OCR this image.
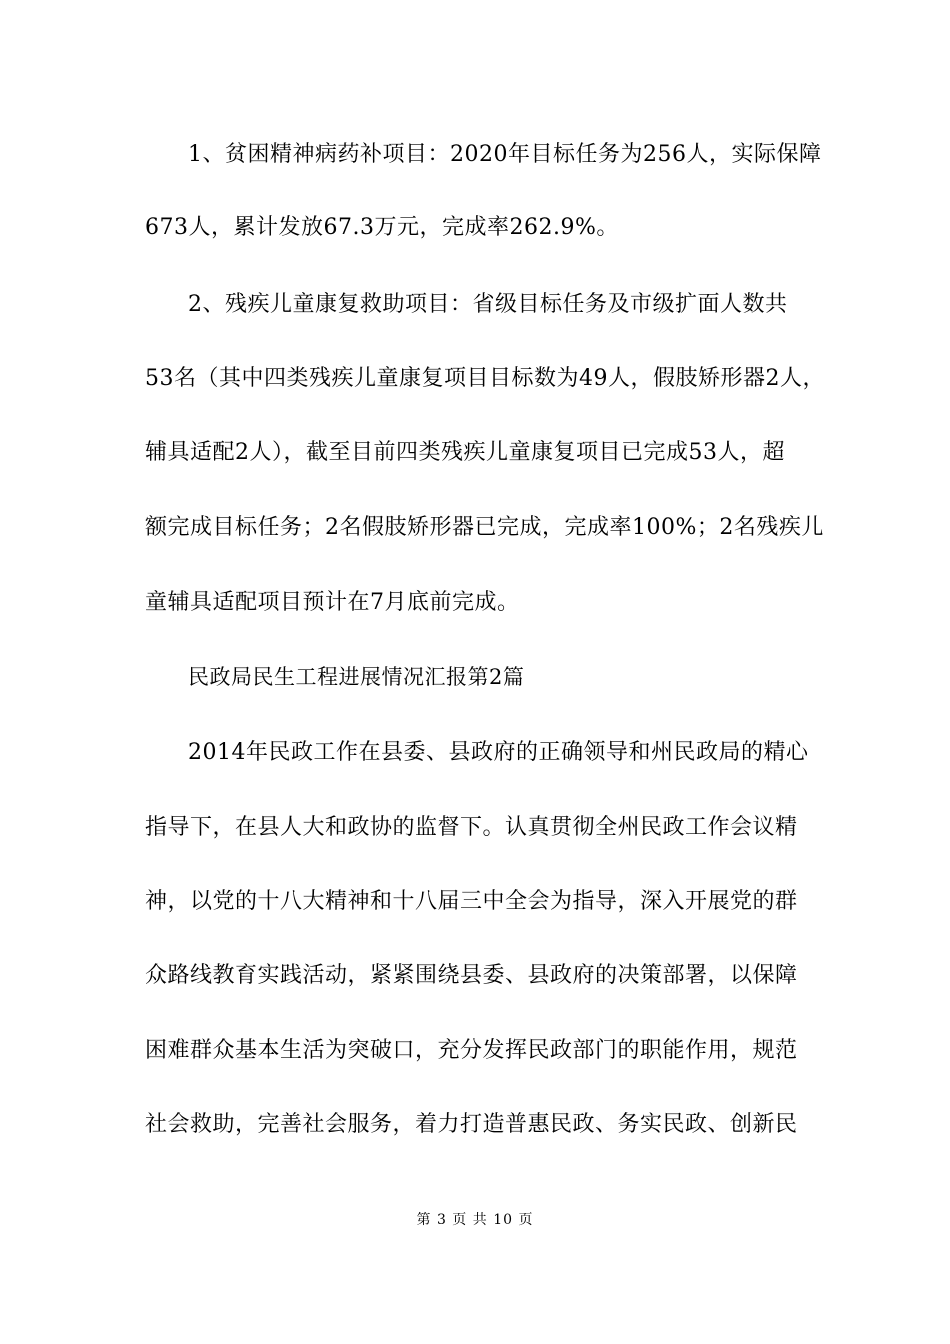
1、贫困精神病药补项目：2020年目标任务为256人，实际保障
673人，累计发放67.3万元，完成率262.9%。
2、残疾儿童康复救助项目：省级目标任务及市级扩面人数共
53名（其中四类残疾儿童康复项目目标数为49人，假肢矫形器2人，
辅具适配2人），截至目前四类残疾儿童康复项目已完成53人，超
额完成目标任务；2名假肢矫形器已完成，完成率100%；2名残疾儿
童辅具适配项目预计在7月底前完成。
民政局民生工程进展情况汇报第2篇
2014年民政工作在县委、县政府的正确领导和州民政局的精心
指导下，在县人大和政协的监督下。认真贯彻全州民政工作会议精
神，以党的十八大精神和十八届三中全会为指导，深入开展党的群
众路线教育实践活动，紧紧围绕县委、县政府的决策部署，以保障
困难群众基本生活为突破口，充分发挥民政部门的职能作用，规范
社会救助，完善社会服务，着力打造普惠民政、务实民政、创新民
第 3 页 共 10 页
